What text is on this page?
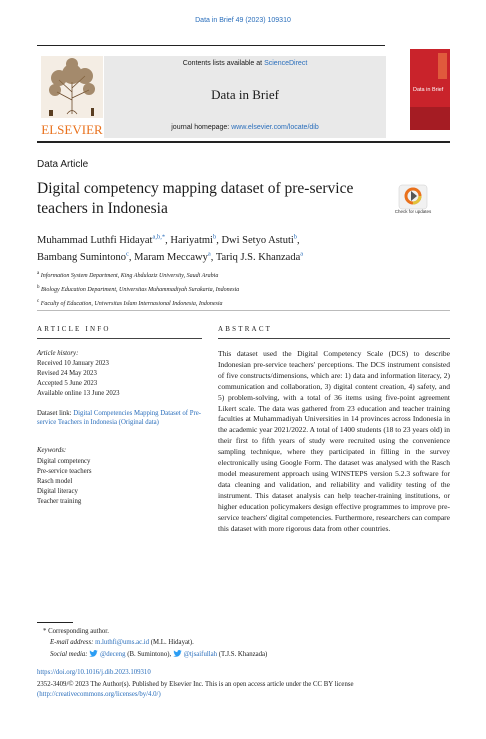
Data in Brief 49 (2023) 109310
ELSEVIER
Contents lists available at ScienceDirect
Data in Brief
journal homepage: www.elsevier.com/locate/dib
Data in Brief
Data Article
Digital competency mapping dataset of pre-service teachers in Indonesia	Check for updates
Muhammad Luthfi Hidayat$^{a,b,*}$, Hariyatmi$^b$, Dwi Setyo Astuti$^b$,
Bambang Sumintono$^c$, Maram Meccawy$^a$, Tariq J.S. Khanzada$^a$
$^a$ Information System Department, King Abdulaziz University, Saudi Arabia
$^b$ Biology Education Department, Universitas Muhammadiyah Surakarta, Indonesia
$^c$ Faculty of Education, Universitas Islam Internasional Indonesia, Indonesia
ARTICLE INFO	ABSTRACT
Article history:
Received 10 January 2023
Revised 24 May 2023
Accepted 5 June 2023
Available online 13 June 2023
Dataset link: Digital Competencies Mapping Dataset of Pre-service Teachers in Indonesia (Original data)
Keywords:
Digital competency
Pre-service teachers
Rasch model
Digital literacy
Teacher training
This dataset used the Digital Competency Scale (DCS) to describe Indonesian pre-service teachers' perceptions. The DCS instrument consisted of five constructs/dimensions, which are: 1) data and information literacy, 2) communication and collaboration, 3) digital content creation, 4) safety, and 5) problem-solving, with a total of 36 items using five-point agreement Likert scale. The data was gathered from 23 education and teacher training faculties at Muhammadiyah Universities in 14 provinces across Indonesia in the academic year 2021/2022. A total of 1400 students (18 to 23 years old) in their first to fifth years of study were recruited using the convenience sampling technique, where they participated in filling in the survey electronically using Google Form. The dataset was analysed with the Rasch model measurement approach using WINSTEPS version 5.2.3 software for data cleaning and validation, and reliability and validity testing of the instrument. This dataset analysis can help teacher-training institutions, or higher education policymakers design effective programmes to improve pre-service teachers' digital competencies. Furthermore, researchers can compare this dataset with more rigorous data from other countries.
* Corresponding author.
E-mail address: m.luthfi@ums.ac.id (M.L. Hidayat).
Social media: @deceng (B. Sumintono), @tjsaifullah (T.J.S. Khanzada)
https://doi.org/10.1016/j.dib.2023.109310
2352-3409/© 2023 The Author(s). Published by Elsevier Inc. This is an open access article under the CC BY license
(http://creativecommons.org/licenses/by/4.0/)
